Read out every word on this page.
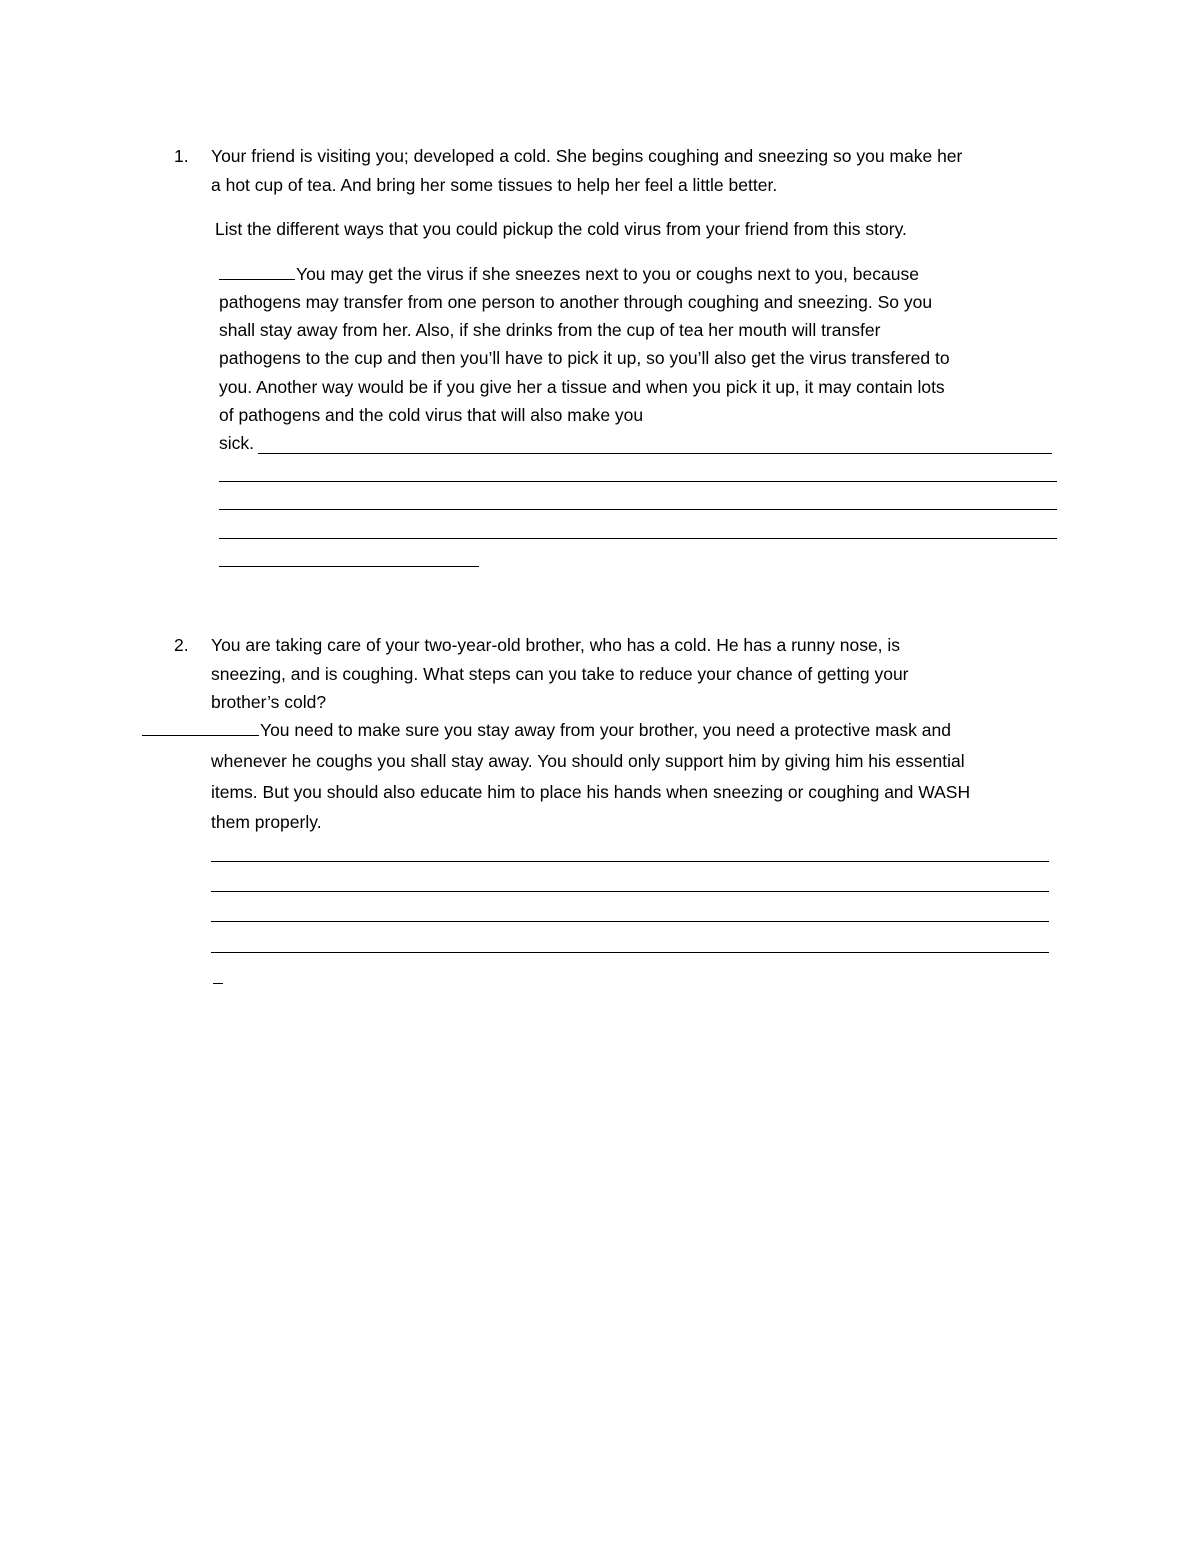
1. Your friend is visiting you; developed a cold. She begins coughing and sneezing so you make her
a hot cup of tea. And bring her some tissues to help her feel a little better.
List the different ways that you could pickup the cold virus from your friend from this story.
You may get the virus if she sneezes next to you or coughs next to you, because
pathogens may transfer from one person to another through coughing and sneezing. So you
shall stay away from her. Also, if she drinks from the cup of tea her mouth will transfer
pathogens to the cup and then you’ll have to pick it up, so you’ll also get the virus transfered to
you. Another way would be if you give her a tissue and when you pick it up, it may contain lots
of pathogens and the cold virus that will also make you
sick.
2. You are taking care of your two-year-old brother, who has a cold. He has a runny nose, is
sneezing, and is coughing. What steps can you take to reduce your chance of getting your
brother’s cold?
You need to make sure you stay away from your brother, you need a protective mask and
whenever he coughs you shall stay away. You should only support him by giving him his essential
items. But you should also educate him to place his hands when sneezing or coughing and WASH
them properly.
